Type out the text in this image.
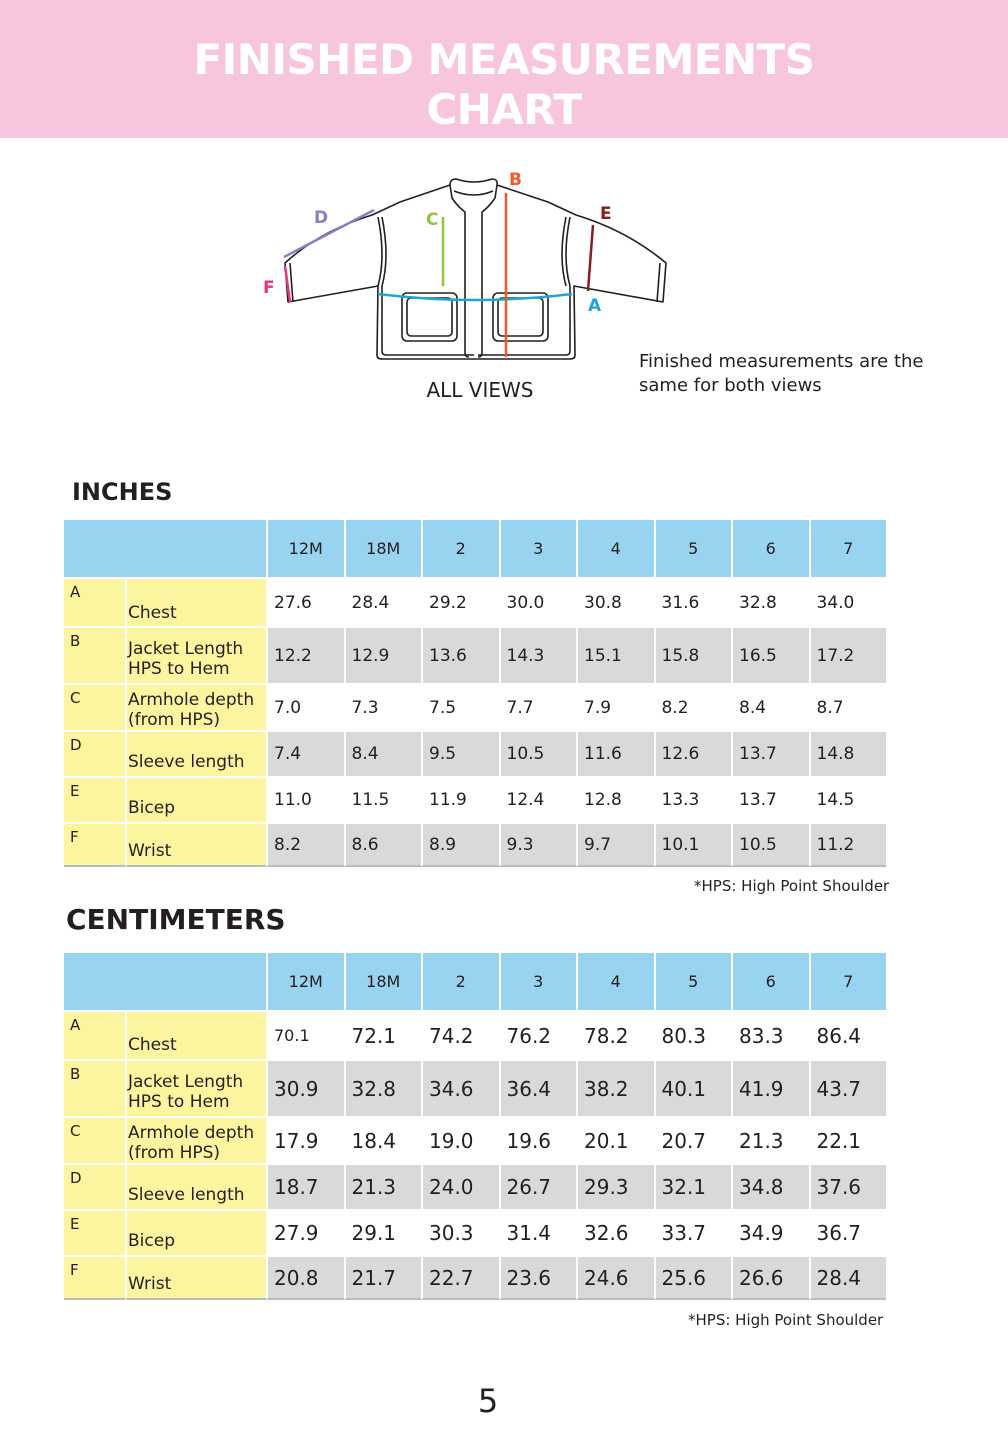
FINISHED MEASUREMENTS
CHART
A
B
C
D	E
F
ALL VIEWS
Finished measurements are the same for both views
INCHES
		12M	18M	2	3	4	5	6	7
A	Chest	27.6	28.4	29.2	30.0	30.8	31.6	32.8	34.0
B	Jacket Length HPS to Hem	12.2	12.9	13.6	14.3	15.1	15.8	16.5	17.2
C	Armhole depth (from HPS)	7.0	7.3	7.5	7.7	7.9	8.2	8.4	8.7
D	Sleeve length	7.4	8.4	9.5	10.5	11.6	12.6	13.7	14.8
E	Bicep	11.0	11.5	11.9	12.4	12.8	13.3	13.7	14.5
F	Wrist	8.2	8.6	8.9	9.3	9.7	10.1	10.5	11.2
*HPS: High Point Shoulder
CENTIMETERS
		12M	18M	2	3	4	5	6	7
A	Chest	70.1	72.1	74.2	76.2	78.2	80.3	83.3	86.4
B	Jacket Length HPS to Hem	30.9	32.8	34.6	36.4	38.2	40.1	41.9	43.7
C	Armhole depth (from HPS)	17.9	18.4	19.0	19.6	20.1	20.7	21.3	22.1
D	Sleeve length	18.7	21.3	24.0	26.7	29.3	32.1	34.8	37.6
E	Bicep	27.9	29.1	30.3	31.4	32.6	33.7	34.9	36.7
F	Wrist	20.8	21.7	22.7	23.6	24.6	25.6	26.6	28.4
*HPS: High Point Shoulder
5
